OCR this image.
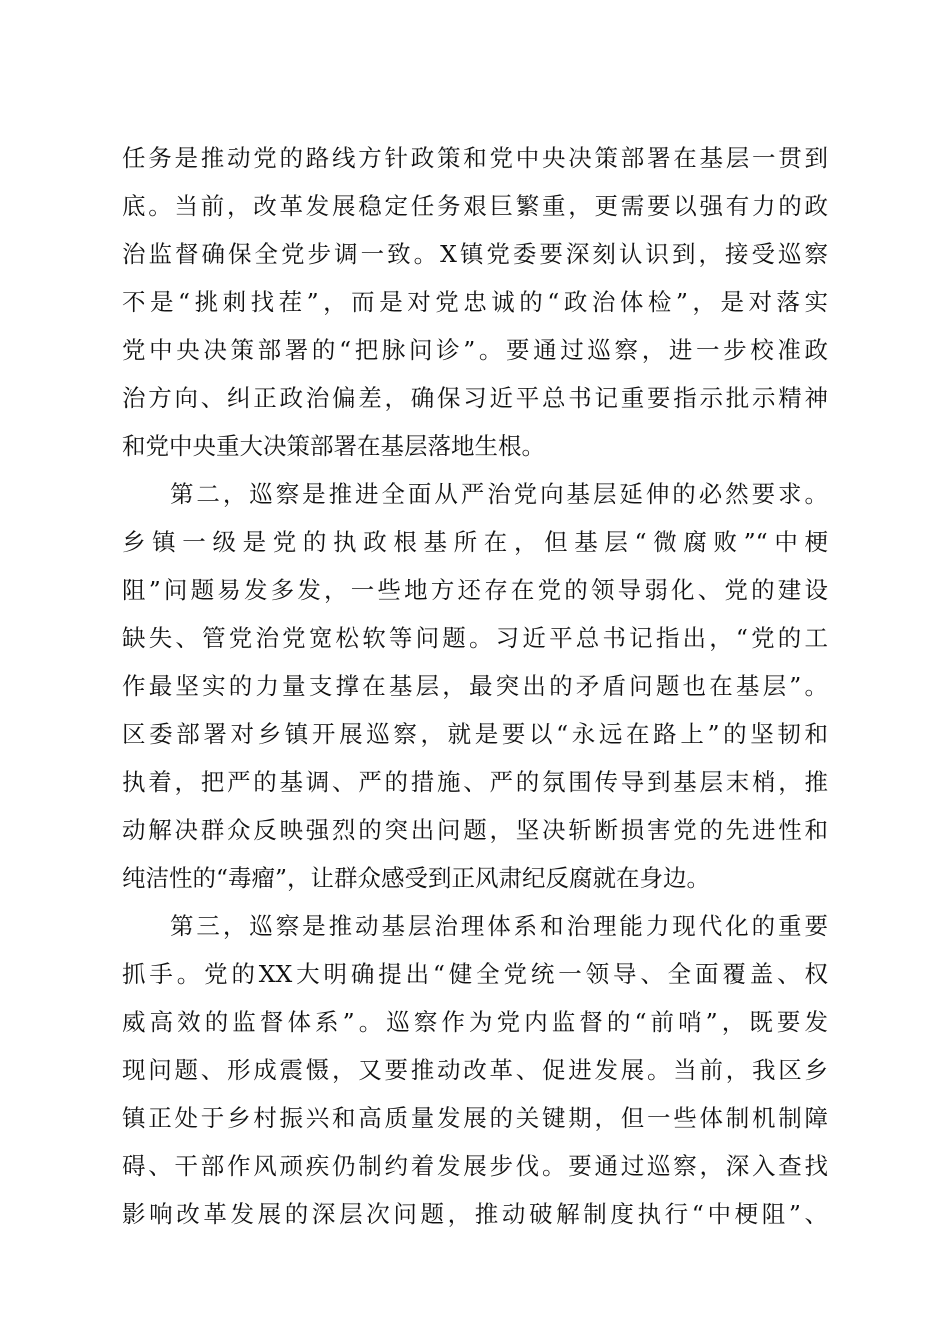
任务是推动党的路线方针政策和党中央决策部署在基层一贯到
底。当前，改革发展稳定任务艰巨繁重，更需要以强有力的政
治监督确保全党步调一致。X镇党委要深刻认识到，接受巡察
不是“挑刺找茬”，而是对党忠诚的“政治体检”，是对落实
党中央决策部署的“把脉问诊”。要通过巡察，进一步校准政
治方向、纠正政治偏差，确保习近平总书记重要指示批示精神
和党中央重大决策部署在基层落地生根。
第二，巡察是推进全面从严治党向基层延伸的必然要求。
乡镇一级是党的执政根基所在，但基层“微腐败”“中梗
阻”问题易发多发，一些地方还存在党的领导弱化、党的建设
缺失、管党治党宽松软等问题。习近平总书记指出，“党的工
作最坚实的力量支撑在基层，最突出的矛盾问题也在基层”。
区委部署对乡镇开展巡察，就是要以“永远在路上”的坚韧和
执着，把严的基调、严的措施、严的氛围传导到基层末梢，推
动解决群众反映强烈的突出问题，坚决斩断损害党的先进性和
纯洁性的“毒瘤”，让群众感受到正风肃纪反腐就在身边。
第三，巡察是推动基层治理体系和治理能力现代化的重要
抓手。党的XX大明确提出“健全党统一领导、全面覆盖、权
威高效的监督体系”。巡察作为党内监督的“前哨”，既要发
现问题、形成震慑，又要推动改革、促进发展。当前，我区乡
镇正处于乡村振兴和高质量发展的关键期，但一些体制机制障
碍、干部作风顽疾仍制约着发展步伐。要通过巡察，深入查找
影响改革发展的深层次问题，推动破解制度执行“中梗阻”、
